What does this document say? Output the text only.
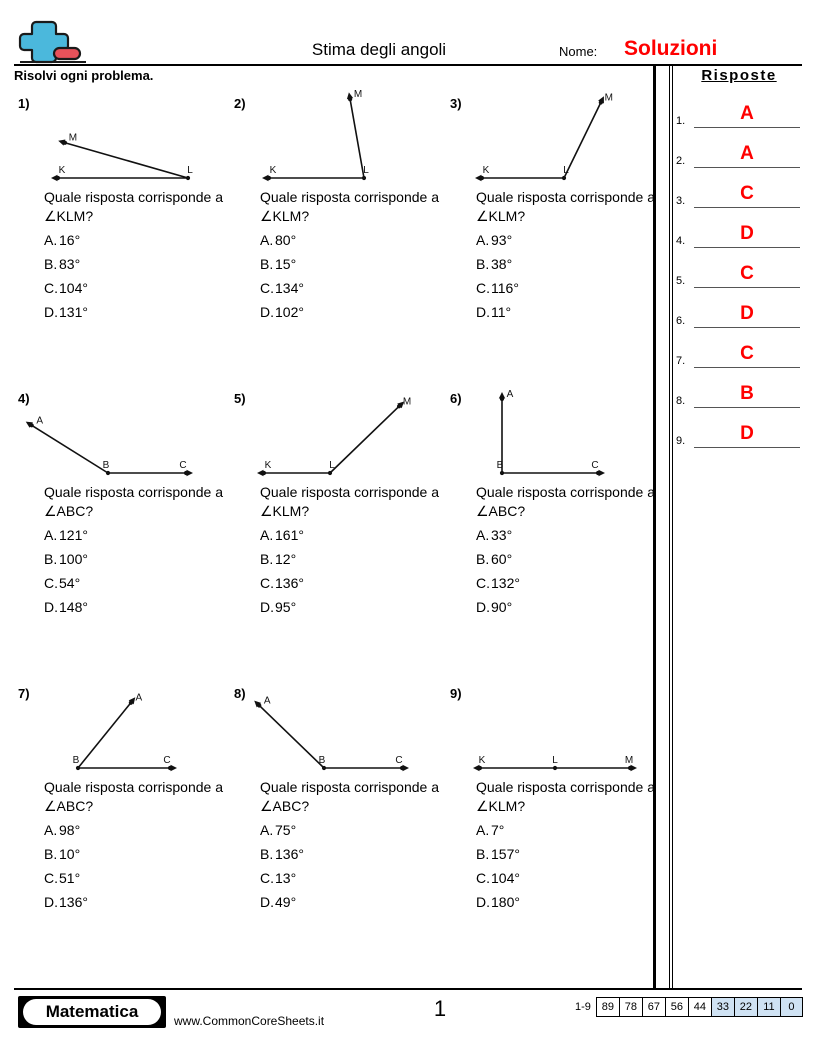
Stima degli angoli	Nome: Soluzioni
Risolvi ogni problema.	Risposte
1.	A
2.	A
3.	C
4.	D
5.	C
6.	D
7.	C
8.	B
9.	D
1)
L
K
M
Quale risposta corrisponde a ∠KLM?
A. 16°
B. 83°
C.104°
D.131°
2)
L
K
M
Quale risposta corrisponde a ∠KLM?
A. 80°
B. 15°
C.134°
D.102°
3)
L
K
M
Quale risposta corrisponde a ∠KLM?
A. 93°
B. 38°
C.116°
D.11°
4)
B	C
A
Quale risposta corrisponde a ∠ABC?
A. 121°
B. 100°
C.54°
D.148°
5)
L
K
M
Quale risposta corrisponde a ∠KLM?
A. 161°
B. 12°
C.136°
D.95°
6)
B	C
A
Quale risposta corrisponde a ∠ABC?
A. 33°
B. 60°
C.132°
D.90°
7)
B	C
A
Quale risposta corrisponde a ∠ABC?
A. 98°
B. 10°
C.51°
D.136°
8)
B	C
A
Quale risposta corrisponde a ∠ABC?
A. 75°
B. 136°
C.13°
D.49°
9)
K	L	M
Quale risposta corrisponde a ∠KLM?
A. 7°
B. 157°
C.104°
D.180°
Matematica	www.CommonCoreSheets.it	1	1-9 89 78 67 56 44 33 22	11	0
